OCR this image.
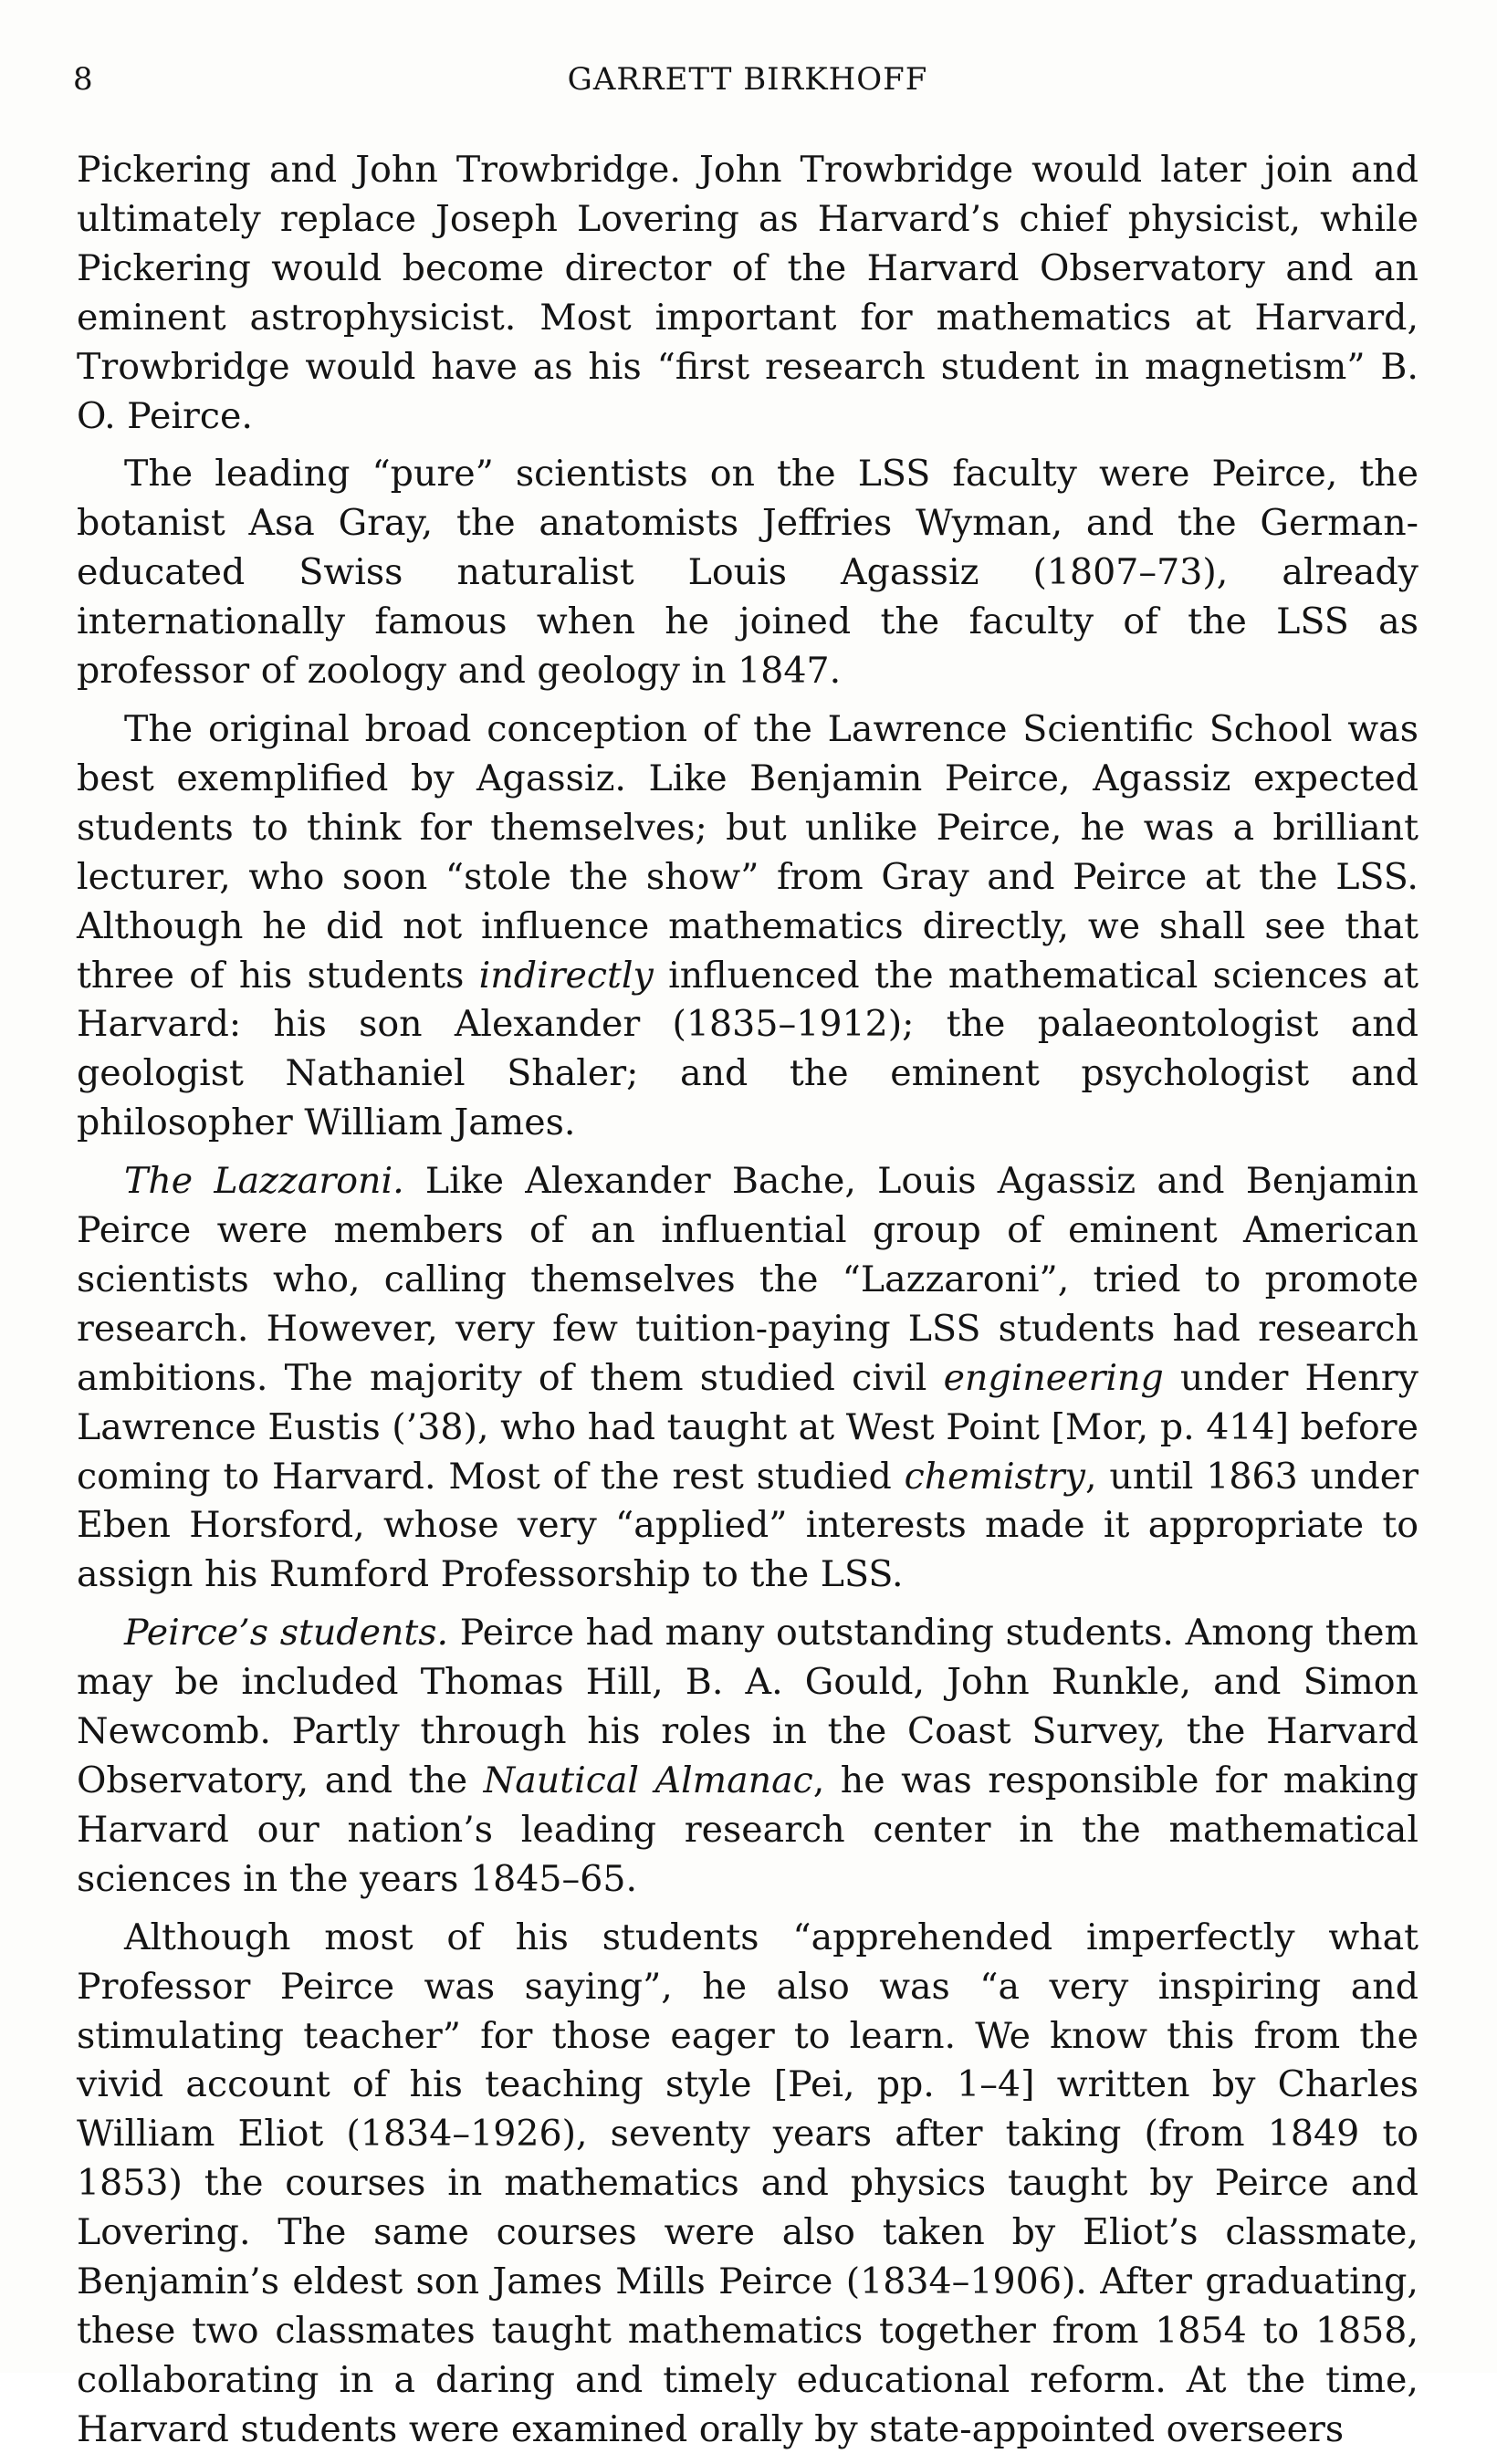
8	GARRETT BIRKHOFF

Pickering and John Trowbridge. John Trowbridge would later join and ultimately replace Joseph Lovering as Harvard’s chief physicist, while Pickering would become director of the Harvard Observatory and an eminent astrophysicist. Most important for mathematics at Harvard, Trowbridge would have as his “first research student in magnetism” B. O. Peirce.

The leading “pure” scientists on the LSS faculty were Peirce, the botanist Asa Gray, the anatomists Jeffries Wyman, and the German-educated Swiss naturalist Louis Agassiz (1807–73), already internationally famous when he joined the faculty of the LSS as professor of zoology and geology in 1847.

The original broad conception of the Lawrence Scientific School was best exemplified by Agassiz. Like Benjamin Peirce, Agassiz expected students to think for themselves; but unlike Peirce, he was a brilliant lecturer, who soon “stole the show” from Gray and Peirce at the LSS. Although he did not influence mathematics directly, we shall see that three of his students indirectly influenced the mathematical sciences at Harvard: his son Alexander (1835–1912); the palaeontologist and geologist Nathaniel Shaler; and the eminent psychologist and philosopher William James.

The Lazzaroni. Like Alexander Bache, Louis Agassiz and Benjamin Peirce were members of an influential group of eminent American scientists who, calling themselves the “Lazzaroni”, tried to promote research. However, very few tuition-paying LSS students had research ambitions. The majority of them studied civil engineering under Henry Lawrence Eustis (’38), who had taught at West Point [Mor, p. 414] before coming to Harvard. Most of the rest studied chemistry, until 1863 under Eben Horsford, whose very “applied” interests made it appropriate to assign his Rumford Professorship to the LSS.

Peirce’s students. Peirce had many outstanding students. Among them may be included Thomas Hill, B. A. Gould, John Runkle, and Simon Newcomb. Partly through his roles in the Coast Survey, the Harvard Observatory, and the Nautical Almanac, he was responsible for making Harvard our nation’s leading research center in the mathematical sciences in the years 1845–65.

Although most of his students “apprehended imperfectly what Professor Peirce was saying”, he also was “a very inspiring and stimulating teacher” for those eager to learn. We know this from the vivid account of his teaching style [Pei, pp. 1–4] written by Charles William Eliot (1834–1926), seventy years after taking (from 1849 to 1853) the courses in mathematics and physics taught by Peirce and Lovering. The same courses were also taken by Eliot’s classmate, Benjamin’s eldest son James Mills Peirce (1834–1906). After graduating, these two classmates taught mathematics together from 1854 to 1858, collaborating in a daring and timely educational reform. At the time, Harvard students were examined orally by state-appointed overseers
